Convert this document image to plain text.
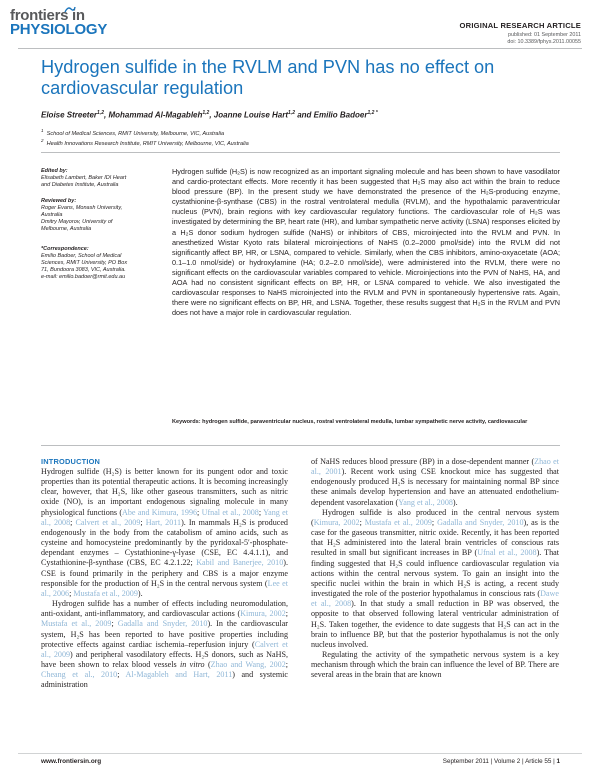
frontiers in
PHYSIOLOGY	ORIGINAL RESEARCH ARTICLE
published: 01 September 2011
doi: 10.3389/fphys.2011.00055
Hydrogen sulfide in the RVLM and PVN has no effect on cardiovascular regulation
Eloise Streeter$^{1,2}$, Mohammad Al-Magableh$^{1,2}$, Joanne Louise Hart$^{1,2}$ and Emilio Badoer$^{1,2 *}$
$^1$  School of Medical Sciences, RMIT University, Melbourne, VIC, Australia
$^2$  Health Innovations Research Institute, RMIT University, Melbourne, VIC, Australia
Edited by:
Elisabeth Lambert, Baker IDI Heart
and Diabetes Institute, Australia
Reviewed by:
Roger Evans, Monash University,
Australia
Dmitry Mayorov, University of
Melbourne, Australia
*Correspondence:
Emilio Badoer, School of Medical
Sciences, RMIT University, PO Box
71, Bundoora 3083, VIC, Australia.
e-mail: emilio.badoer@rmit.edu.au
Hydrogen sulfide (H₂S) is now recognized as an important signaling molecule and has been shown to have vasodilator and cardio-protectant effects. More recently it has been suggested that H₂S may also act within the brain to reduce blood pressure (BP). In the present study we have demonstrated the presence of the H₂S-producing enzyme, cystathionine-β-synthase (CBS) in the rostral ventrolateral medulla (RVLM), and the hypothalamic paraventricular nucleus (PVN), brain regions with key cardiovascular regulatory functions. The cardiovascular role of H₂S was investigated by determining the BP, heart rate (HR), and lumbar sympathetic nerve activity (LSNA) responses elicited by a H₂S donor sodium hydrogen sulfide (NaHS) or inhibitors of CBS, microinjected into the RVLM and PVN. In anesthetized Wistar Kyoto rats bilateral microinjections of NaHS (0.2–2000 pmol/side) into the RVLM did not significantly affect BP, HR, or LSNA, compared to vehicle. Similarly, when the CBS inhibitors, amino-oxyacetate (AOA; 0.1–1.0 nmol/side) or hydroxylamine (HA; 0.2–2.0 nmol/side), were administered into the RVLM, there were no significant effects on the cardiovascular variables compared to vehicle. Microinjections into the PVN of NaHS, HA, and AOA had no consistent significant effects on BP, HR, or LSNA compared to vehicle. We also investigated the cardiovascular responses to NaHS microinjected into the RVLM and PVN in spontaneously hypertensive rats. Again, there were no significant effects on BP, HR, and LSNA. Together, these results suggest that H₂S in the RVLM and PVN does not have a major role in cardiovascular regulation.
Keywords: hydrogen sulfide, paraventricular nucleus, rostral ventrolateral medulla, lumbar sympathetic nerve activity, cardiovascular
INTRODUCTION

Hydrogen sulfide (H₂S) is better known for its pungent odor and toxic properties than its potential therapeutic actions. It is becoming increasingly clear, however, that H₂S, like other gaseous transmitters, such as nitric oxide (NO), is an important endogenous signaling molecule in many physiological functions (Abe and Kimura, 1996; Ufnal et al., 2008; Yang et al., 2008; Calvert et al., 2009; Hart, 2011). In mammals H₂S is produced endogenously in the body from the catabolism of amino acids, such as cysteine and homocysteine predominantly by the pyridoxal-5′-phosphate-dependant enzymes – Cystathionine-γ-lyase (CSE, EC 4.4.1.1), and Cystathionine-β-synthase (CBS, EC 4.2.1.22; Kabil and Banerjee, 2010). CSE is found primarily in the periphery and CBS is a major enzyme responsible for the production of H₂S in the central nervous system (Lee et al., 2006; Mustafa et al., 2009).

Hydrogen sulfide has a number of effects including neuromodulation, anti-oxidant, anti-inflammatory, and cardiovascular actions (Kimura, 2002; Mustafa et al., 2009; Gadalla and Snyder, 2010). In the cardiovascular system, H₂S has been reported to have positive properties including protective effects against cardiac ischemia–reperfusion injury (Calvert et al., 2009) and peripheral vasodilatory effects. H₂S donors, such as NaHS, have been shown to relax blood vessels in vitro (Zhao and Wang, 2002; Cheang et al., 2010; Al-Magableh and Hart, 2011) and systemic administration

of NaHS reduces blood pressure (BP) in a dose-dependent manner (Zhao et al., 2001). Recent work using CSE knockout mice has suggested that endogenously produced H₂S is necessary for maintaining normal BP since these animals develop hypertension and have an attenuated endothelium-dependent vasorelaxation (Yang et al., 2008).

Hydrogen sulfide is also produced in the central nervous system (Kimura, 2002; Mustafa et al., 2009; Gadalla and Snyder, 2010), as is the case for the gaseous transmitter, nitric oxide. Recently, it has been reported that H₂S administered into the lateral brain ventricles of conscious rats resulted in small but significant increases in BP (Ufnal et al., 2008). That finding suggested that H₂S could influence cardiovascular regulation via actions within the central nervous system. To gain an insight into the specific nuclei within the brain in which H₂S is acting, a recent study investigated the role of the posterior hypothalamus in conscious rats (Dawe et al., 2008). In that study a small reduction in BP was observed, the opposite to that observed following lateral ventricular administration of H₂S. Taken together, the evidence to date suggests that H₂S can act in the brain to influence BP, but that the posterior hypothalamus is not the only nucleus involved.

Regulating the activity of the sympathetic nervous system is a key mechanism through which the brain can influence the level of BP. There are several areas in the brain that are known

www.frontiersin.org	September 2011 | Volume 2 | Article 55 | 1
